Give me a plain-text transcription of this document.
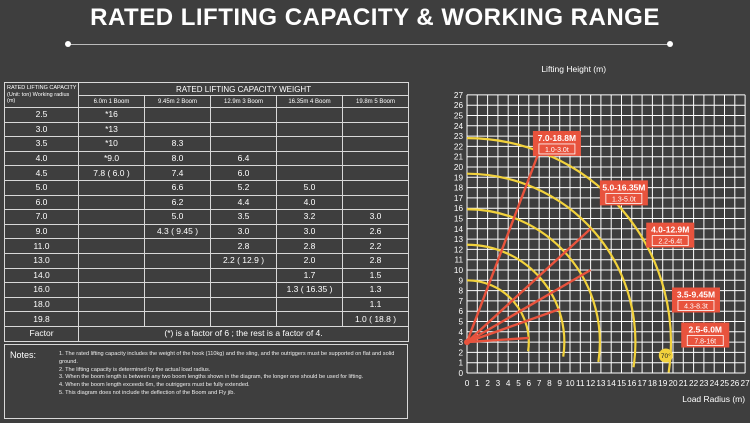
RATED LIFTING CAPACITY & WORKING RANGE
RATED LIFTING CAPACITY (Unit: ton) Working radius (m)	RATED LIFTING CAPACITY WEIGHT				
	6.0m 1 Boom	9.45m 2 Boom	12.9m 3 Boom	16.35m 4 Boom	19.8m 5 Boom
2.5	*16				
3.0	*13				
3.5	*10	8.3			
4.0	*9.0	8.0	6.4		
4.5	7.8 ( 6.0 )	7.4	6.0		
5.0		6.6	5.2	5.0	
6.0		6.2	4.4	4.0	
7.0		5.0	3.5	3.2	3.0
9.0		4.3 ( 9.45 )	3.0	3.0	2.6
11.0			2.8	2.8	2.2
13.0			2.2 ( 12.9 )	2.0	2.8
14.0				1.7	1.5
16.0				1.3 ( 16.35 )	1.3
18.0					1.1
19.8					1.0 ( 18.8 )
Factor	(*) is a factor of 6 ; the rest is a factor of 4.				
Notes:	1. The rated lifting capacity includes the weight of the hook (110kg) and the sling, and the outriggers must be supported on flat and solid ground.
2. The lifting capacity is determined by the actual load radius.
3. When the boom length is between any two boom lengths shown in the diagram, the longer one should be used for lifting.
4. When the boom length exceeds 6m, the outriggers must be fully extended.
5. This diagram does not include the deflection of the Boom and Fly jib.
0 1 2 3 4 5 6 7 8 9 10 11 12 13 14 15 16 17 18 19 20 21 22 23 24 25 26 27
0
1
2
3
4
5
6
7
8
9
10
11
12
13
14
15
16
17
18
19
20
21
22
23
24
25
26
27
Lifting Height (m)
Load Radius (m)
70°
2.5-6.0M
7.8-16t
3.5-9.45M
4.3-8.3t
4.0-12.9M
2.2-6.4t
5.0-16.35M
1.3-5.0t
7.0-18.8M
1.0-3.0t
